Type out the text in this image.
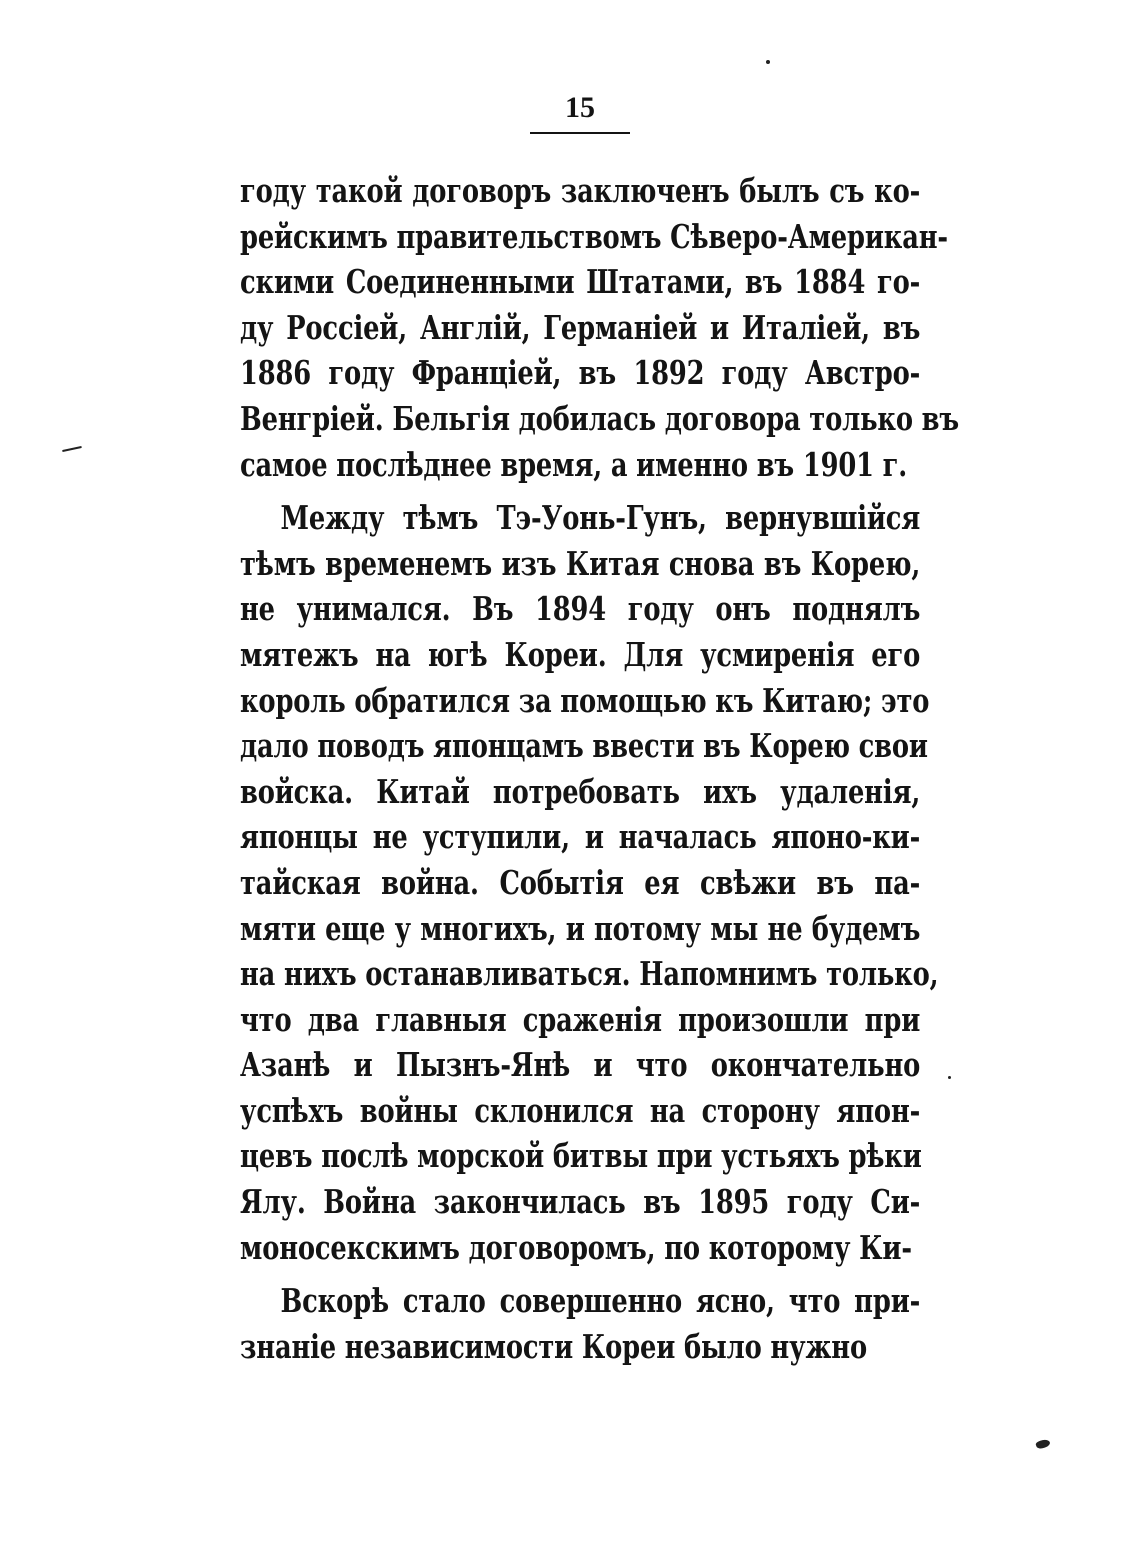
15
году такой договоръ заключенъ былъ съ ко-
рейскимъ правительствомъ Сѣверо-Американ-
скими Соединенными Штатами, въ 1884 го-
ду Россіей, Англій, Германіей и Италіей, въ
1886 году Франціей, въ 1892 году Австро-
Венгріей. Бельгія добилась договора только въ
самое послѣднее время, а именно въ 1901 г.
Между тѣмъ Тэ-Уонь-Гунъ, вернувшійся
тѣмъ временемъ изъ Китая снова въ Корею,
не унимался. Въ 1894 году онъ поднялъ
мятежъ на югѣ Кореи. Для усмиренія его
король обратился за помощью къ Китаю; это
дало поводъ японцамъ ввести въ Корею свои
войска. Китай потребовать ихъ удаленія,
японцы не уступили, и началась японо-ки-
тайская война. Событія ея свѣжи въ па-
мяти еще у многихъ, и потому мы не будемъ
на нихъ останавливаться. Напомнимъ только,
что два главныя сраженія произошли при
Азанѣ и Пызнъ-Янѣ и что окончательно
успѣхъ войны склонился на сторону япон-
цевъ послѣ морской битвы при устьяхъ рѣки
Ялу. Война закончилась въ 1895 году Си-
моносекскимъ договоромъ, по которому Ки-
Вскорѣ стало совершенно ясно, что при-
знаніе независимости Кореи было нужно
